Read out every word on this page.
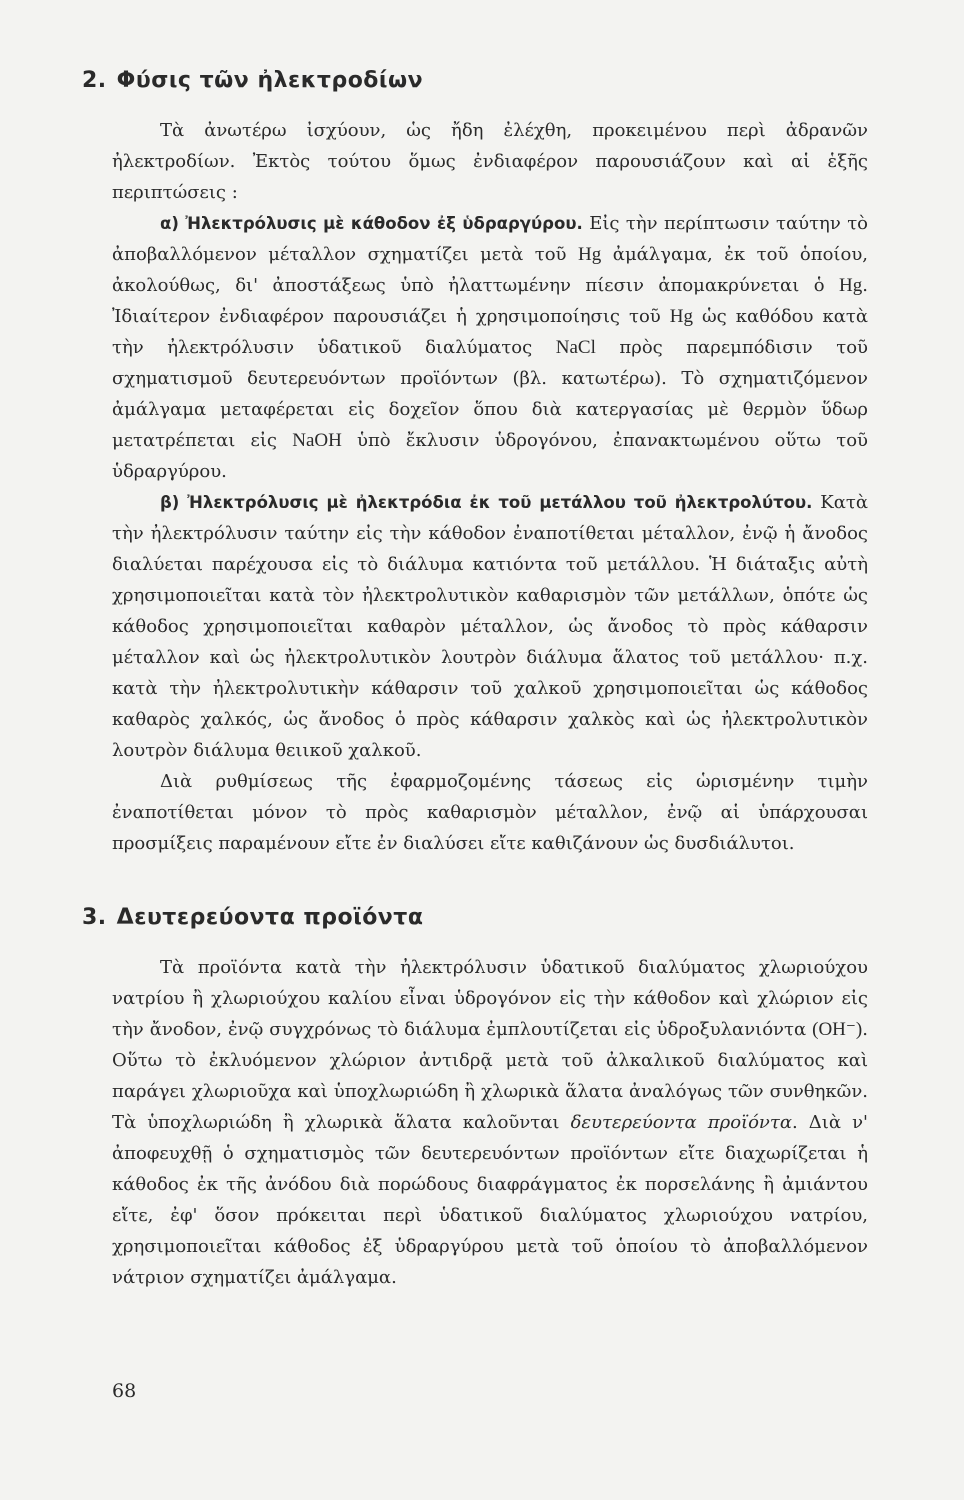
2. Φύσις τῶν ἠλεκτροδίων

Τὰ ἀνωτέρω ἰσχύουν, ὡς ἤδη ἐλέχθη, προκειμένου περὶ ἀδρανῶν ἠλεκτροδίων. Ἐκτὸς τούτου ὅμως ἐνδιαφέρον παρουσιάζουν καὶ αἱ ἑξῆς περιπτώσεις :

α) Ἠλεκτρόλυσις μὲ κάθοδον ἐξ ὑδραργύρου. Εἰς τὴν περίπτωσιν ταύτην τὸ ἀποβαλλόμενον μέταλλον σχηματίζει μετὰ τοῦ Hg ἀμάλγαμα, ἐκ τοῦ ὁποίου, ἀκολούθως, δι' ἀποστάξεως ὑπὸ ἠλαττωμένην πίεσιν ἀπομακρύνεται ὁ Hg. Ἰδιαίτερον ἐνδιαφέρον παρουσιάζει ἡ χρησιμοποίησις τοῦ Hg ὡς καθόδου κατὰ τὴν ἠλεκτρόλυσιν ὑδατικοῦ διαλύματος NaCl πρὸς παρεμπόδισιν τοῦ σχηματισμοῦ δευτερευόντων προϊόντων (βλ. κατωτέρω). Τὸ σχηματιζόμενον ἀμάλγαμα μεταφέρεται εἰς δοχεῖον ὅπου διὰ κατεργασίας μὲ θερμὸν ὕδωρ μετατρέπεται εἰς NaOH ὑπὸ ἔκλυσιν ὑδρογόνου, ἐπανακτωμένου οὕτω τοῦ ὑδραργύρου.

β) Ἠλεκτρόλυσις μὲ ἠλεκτρόδια ἐκ τοῦ μετάλλου τοῦ ἠλεκτρολύτου. Κατὰ τὴν ἠλεκτρόλυσιν ταύτην εἰς τὴν κάθοδον ἐναποτίθεται μέταλλον, ἐνῷ ἡ ἄνοδος διαλύεται παρέχουσα εἰς τὸ διάλυμα κατιόντα τοῦ μετάλλου. Ἡ διάταξις αὐτὴ χρησιμοποιεῖται κατὰ τὸν ἠλεκτρολυτικὸν καθαρισμὸν τῶν μετάλλων, ὁπότε ὡς κάθοδος χρησιμοποιεῖται καθαρὸν μέταλλον, ὡς ἄνοδος τὸ πρὸς κάθαρσιν μέταλλον καὶ ὡς ἠλεκτρολυτικὸν λουτρὸν διάλυμα ἅλατος τοῦ μετάλλου· π.χ. κατὰ τὴν ἠλεκτρολυτικὴν κάθαρσιν τοῦ χαλκοῦ χρησιμοποιεῖται ὡς κάθοδος καθαρὸς χαλκός, ὡς ἄνοδος ὁ πρὸς κάθαρσιν χαλκὸς καὶ ὡς ἠλεκτρολυτικὸν λουτρὸν διάλυμα θειικοῦ χαλκοῦ.

Διὰ ρυθμίσεως τῆς ἐφαρμοζομένης τάσεως εἰς ὡρισμένην τιμὴν ἐναποτίθεται μόνον τὸ πρὸς καθαρισμὸν μέταλλον, ἐνῷ αἱ ὑπάρχουσαι προσμίξεις παραμένουν εἴτε ἐν διαλύσει εἴτε καθιζάνουν ὡς δυσδιάλυτοι.

3. Δευτερεύοντα προϊόντα

Τὰ προϊόντα κατὰ τὴν ἠλεκτρόλυσιν ὑδατικοῦ διαλύματος χλωριούχου νατρίου ἢ χλωριούχου καλίου εἶναι ὑδρογόνον εἰς τὴν κάθοδον καὶ χλώριον εἰς τὴν ἄνοδον, ἐνῷ συγχρόνως τὸ διάλυμα ἐμπλουτίζεται εἰς ὑδροξυλανιόντα (OH⁻). Οὕτω τὸ ἐκλυόμενον χλώριον ἀντιδρᾷ μετὰ τοῦ ἀλκαλικοῦ διαλύματος καὶ παράγει χλωριοῦχα καὶ ὑποχλωριώδη ἢ χλωρικὰ ἅλατα ἀναλόγως τῶν συνθηκῶν. Τὰ ὑποχλωριώδη ἢ χλωρικὰ ἅλατα καλοῦνται δευτερεύοντα προϊόντα. Διὰ ν' ἀποφευχθῇ ὁ σχηματισμὸς τῶν δευτερευόντων προϊόντων εἴτε διαχωρίζεται ἡ κάθοδος ἐκ τῆς ἀνόδου διὰ πορώδους διαφράγματος ἐκ πορσελάνης ἢ ἀμιάντου εἴτε, ἐφ' ὅσον πρόκειται περὶ ὑδατικοῦ διαλύματος χλωριούχου νατρίου, χρησιμοποιεῖται κάθοδος ἐξ ὑδραργύρου μετὰ τοῦ ὁποίου τὸ ἀποβαλλόμενον νάτριον σχηματίζει ἀμάλγαμα.

68
